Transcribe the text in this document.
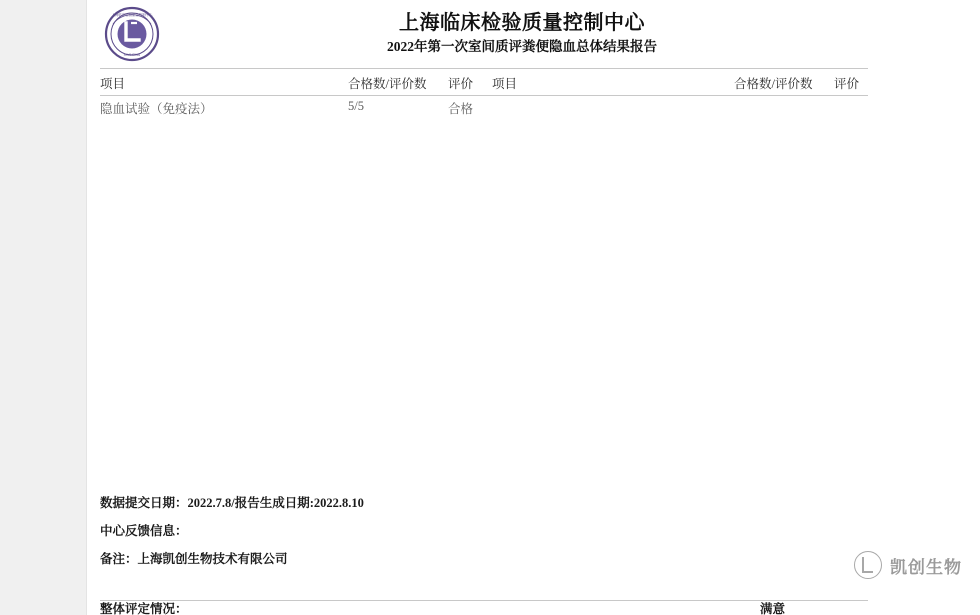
上海临床检验质量控制中心
SHANGHAI
上海临床检验质量控制中心
2022年第一次室间质评粪便隐血总体结果报告
项目	合格数/评价数	评价	项目	合格数/评价数	评价
隐血试验（免疫法）	5/5	合格
数据提交日期：2022.7.8/报告生成日期:2022.8.10
中心反馈信息：
备注：上海凯创生物技术有限公司
整体评定情况：	满意
凯创生物
